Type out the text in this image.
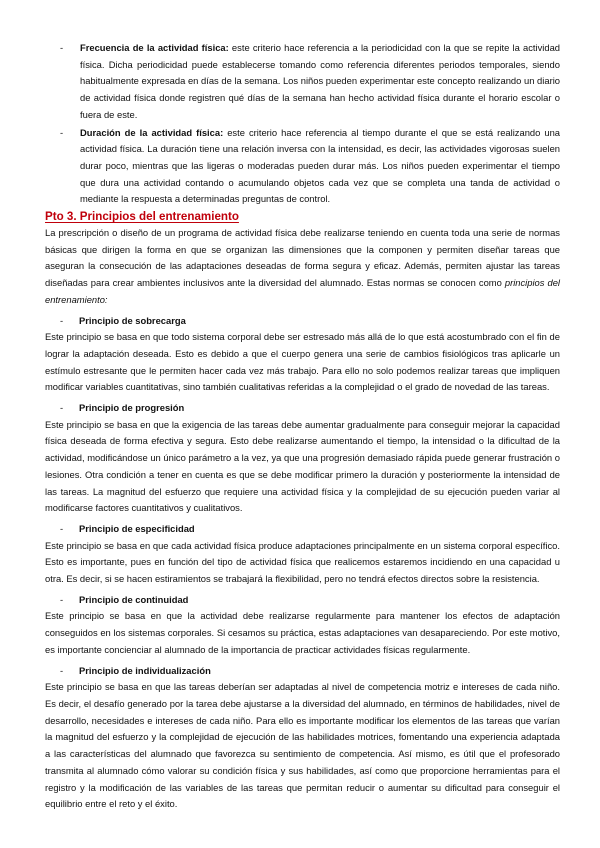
- Frecuencia de la actividad física: este criterio hace referencia a la periodicidad con la que se repite la actividad física. Dicha periodicidad puede establecerse tomando como referencia diferentes periodos temporales, siendo habitualmente expresada en días de la semana. Los niños pueden experimentar este concepto realizando un diario de actividad física donde registren qué días de la semana han hecho actividad física durante el horario escolar o fuera de este.

- Duración de la actividad física: este criterio hace referencia al tiempo durante el que se está realizando una actividad física. La duración tiene una relación inversa con la intensidad, es decir, las actividades vigorosas suelen durar poco, mientras que las ligeras o moderadas pueden durar más. Los niños pueden experimentar el tiempo que dura una actividad contando o acumulando objetos cada vez que se completa una tanda de actividad o mediante la respuesta a determinadas preguntas de control.

Pto 3. Principios del entrenamiento

La prescripción o diseño de un programa de actividad física debe realizarse teniendo en cuenta toda una serie de normas básicas que dirigen la forma en que se organizan las dimensiones que la componen y permiten diseñar tareas que aseguran la consecución de las adaptaciones deseadas de forma segura y eficaz. Además, permiten ajustar las tareas diseñadas para crear ambientes inclusivos ante la diversidad del alumnado. Estas normas se conocen como principios del entrenamiento:

- Principio de sobrecarga

Este principio se basa en que todo sistema corporal debe ser estresado más allá de lo que está acostumbrado con el fin de lograr la adaptación deseada. Esto es debido a que el cuerpo genera una serie de cambios fisiológicos tras aplicarle un estímulo estresante que le permiten hacer cada vez más trabajo. Para ello no solo podemos realizar tareas que impliquen modificar variables cuantitativas, sino también cualitativas referidas a la complejidad o el grado de novedad de las tareas.

- Principio de progresión

Este principio se basa en que la exigencia de las tareas debe aumentar gradualmente para conseguir mejorar la capacidad física deseada de forma efectiva y segura. Esto debe realizarse aumentando el tiempo, la intensidad o la dificultad de la actividad, modificándose un único parámetro a la vez, ya que una progresión demasiado rápida puede generar frustración o lesiones. Otra condición a tener en cuenta es que se debe modificar primero la duración y posteriormente la intensidad de las tareas. La magnitud del esfuerzo que requiere una actividad física y la complejidad de su ejecución pueden variar al modificarse factores cuantitativos y cualitativos.

- Principio de especificidad

Este principio se basa en que cada actividad física produce adaptaciones principalmente en un sistema corporal específico. Esto es importante, pues en función del tipo de actividad física que realicemos estaremos incidiendo en una capacidad u otra. Es decir, si se hacen estiramientos se trabajará la flexibilidad, pero no tendrá efectos directos sobre la resistencia.

- Principio de continuidad

Este principio se basa en que la actividad debe realizarse regularmente para mantener los efectos de adaptación conseguidos en los sistemas corporales. Si cesamos su práctica, estas adaptaciones van desapareciendo. Por este motivo, es importante concienciar al alumnado de la importancia de practicar actividades físicas regularmente.

- Principio de individualización

Este principio se basa en que las tareas deberían ser adaptadas al nivel de competencia motriz e intereses de cada niño. Es decir, el desafío generado por la tarea debe ajustarse a la diversidad del alumnado, en términos de habilidades, nivel de desarrollo, necesidades e intereses de cada niño. Para ello es importante modificar los elementos de las tareas que varían la magnitud del esfuerzo y la complejidad de ejecución de las habilidades motrices, fomentando una experiencia adaptada a las características del alumnado que favorezca su sentimiento de competencia. Así mismo, es útil que el profesorado transmita al alumnado cómo valorar su condición física y sus habilidades, así como que proporcione herramientas para el registro y la modificación de las variables de las tareas que permitan reducir o aumentar su dificultad para conseguir el equilibrio entre el reto y el éxito.
